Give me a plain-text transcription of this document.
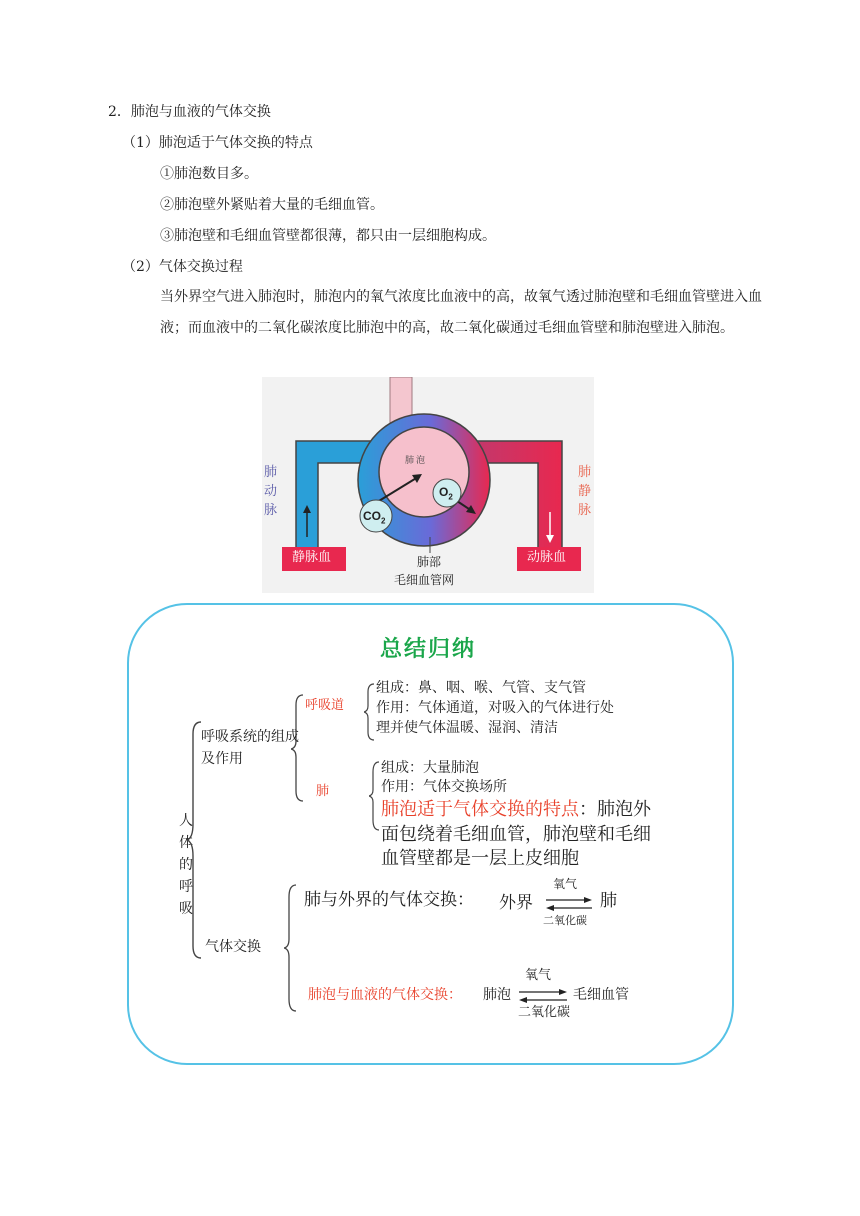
2．肺泡与血液的气体交换
（1）肺泡适于气体交换的特点
①肺泡数目多。
②肺泡壁外紧贴着大量的毛细血管。
③肺泡壁和毛细血管壁都很薄，都只由一层细胞构成。
（2）气体交换过程
当外界空气进入肺泡时，肺泡内的氧气浓度比血液中的高，故氧气透过肺泡壁和毛细血管壁进入血液；而血液中的二氧化碳浓度比肺泡中的高，故二氧化碳通过毛细血管壁和肺泡壁进入肺泡。
肺动脉
肺静脉
肺泡
$CO_2$
$O_2$
静脉血	动脉血
肺部
毛细血管网
总结归纳
人体的呼吸
呼吸系统的组成及作用
呼吸道
组成：鼻、咽、喉、气管、支气管
作用：气体通道，对吸入的气体进行处
理并使气体温暖、湿润、清洁
肺
组成：大量肺泡
作用：气体交换场所
肺泡适于气体交换的特点：肺泡外
面包绕着毛细血管，肺泡壁和毛细
血管壁都是一层上皮细胞
气体交换
肺与外界的气体交换： 外界
氧气
二氧化碳
肺
肺泡与血液的气体交换： 肺泡
氧气
二氧化碳
毛细血管
